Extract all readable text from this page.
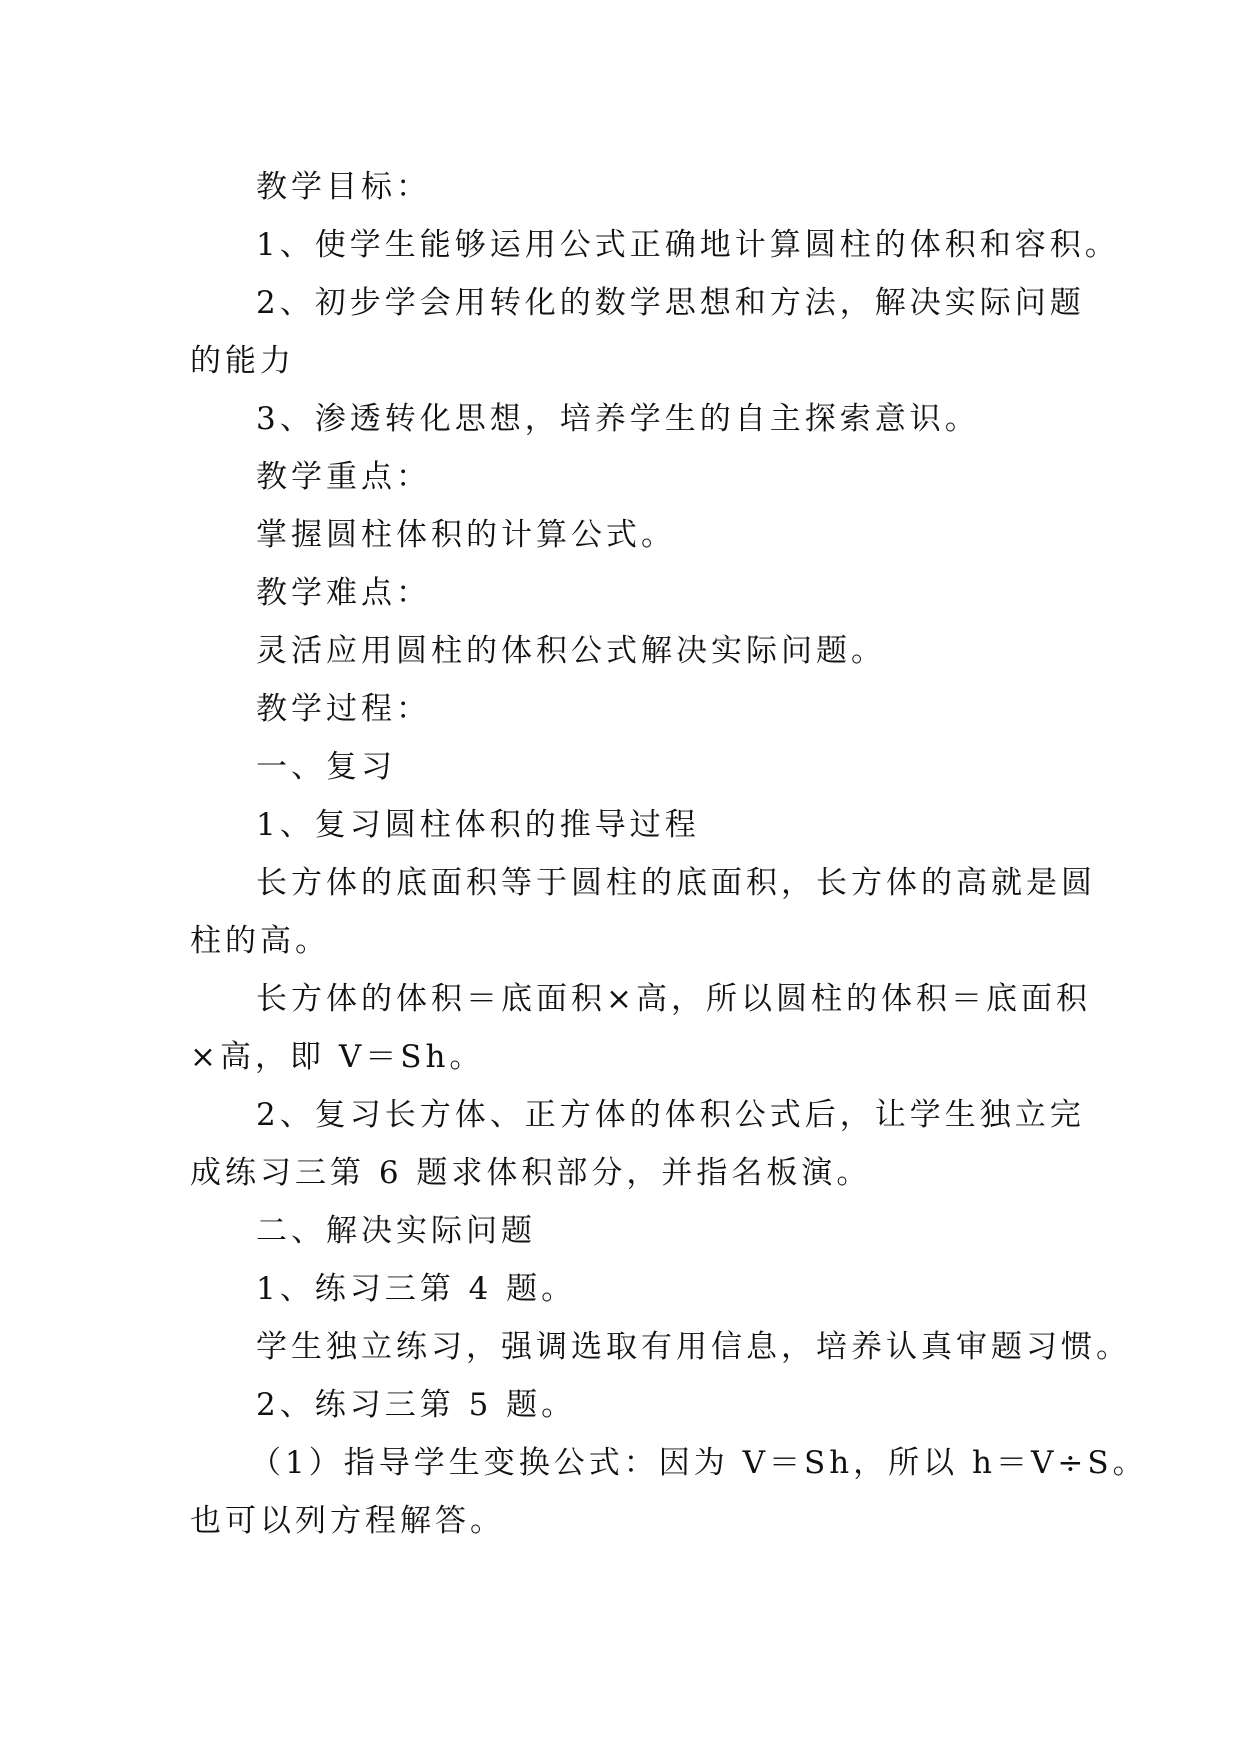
教学目标：

1、使学生能够运用公式正确地计算圆柱的体积和容积。

2、初步学会用转化的数学思想和方法，解决实际问题
的能力

3、渗透转化思想，培养学生的自主探索意识。

教学重点：

掌握圆柱体积的计算公式。

教学难点：

灵活应用圆柱的体积公式解决实际问题。

教学过程：

一、复习

1、复习圆柱体积的推导过程

长方体的底面积等于圆柱的底面积，长方体的高就是圆
柱的高。

长方体的体积＝底面积×高，所以圆柱的体积＝底面积
×高，即 V＝Sh。

2、复习长方体、正方体的体积公式后，让学生独立完
成练习三第 6 题求体积部分，并指名板演。

二、解决实际问题

1、练习三第 4 题。

学生独立练习，强调选取有用信息，培养认真审题习惯。

2、练习三第 5 题。

（1）指导学生变换公式：因为 V＝Sh，所以 h＝V÷S。
也可以列方程解答。
